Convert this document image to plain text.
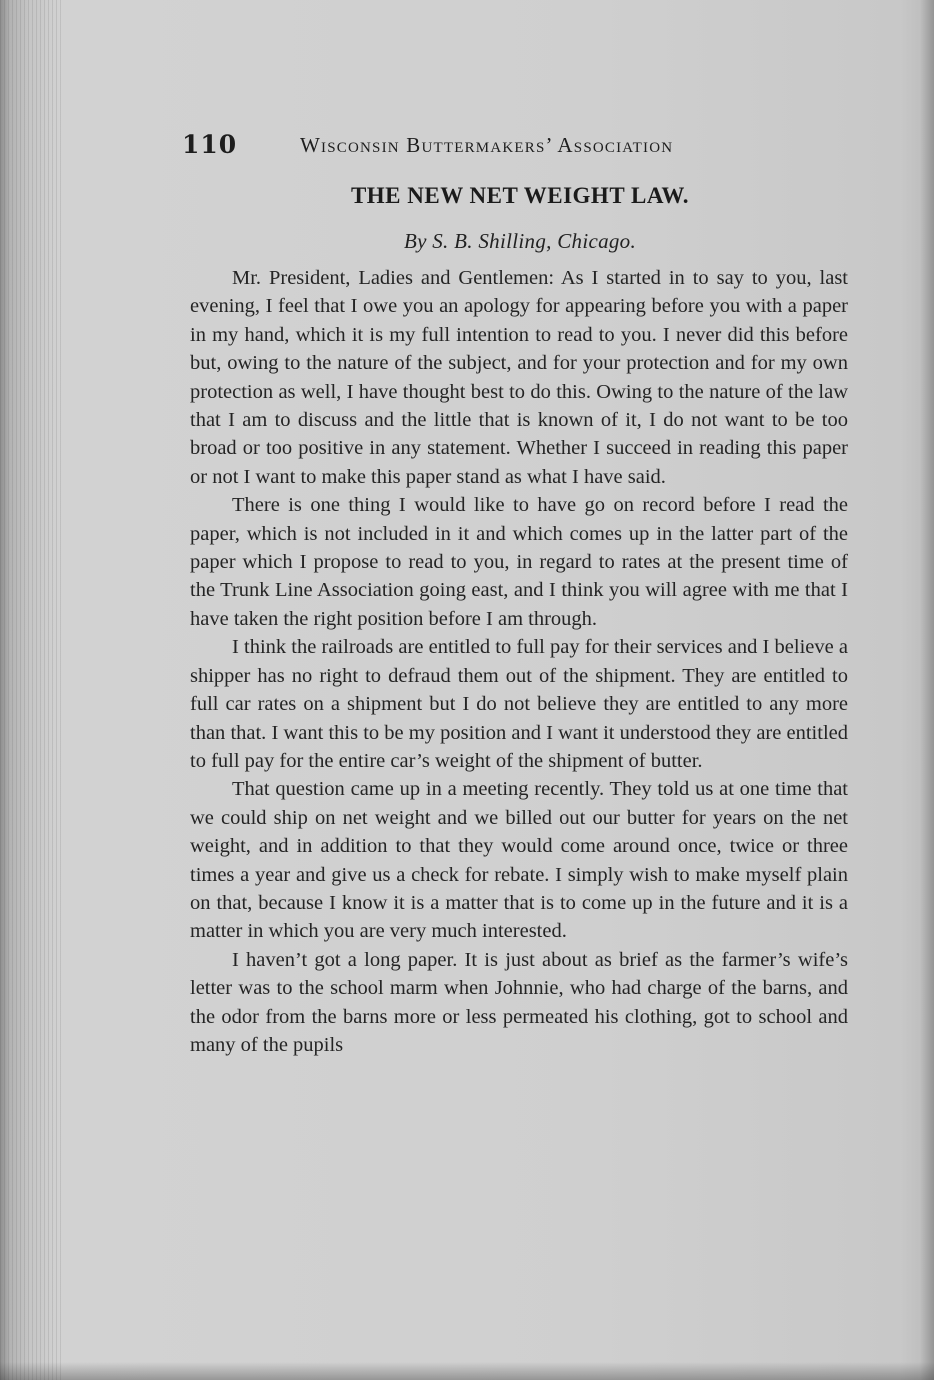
110	Wisconsin Buttermakers’ Association
THE NEW NET WEIGHT LAW.
By S. B. Shilling, Chicago.

Mr. President, Ladies and Gentlemen: As I started in to say to you, last evening, I feel that I owe you an apology for appearing before you with a paper in my hand, which it is my full intention to read to you. I never did this before but, owing to the nature of the subject, and for your protection and for my own protection as well, I have thought best to do this. Owing to the nature of the law that I am to discuss and the little that is known of it, I do not want to be too broad or too positive in any statement. Whether I succeed in reading this paper or not I want to make this paper stand as what I have said.

There is one thing I would like to have go on record before I read the paper, which is not included in it and which comes up in the latter part of the paper which I propose to read to you, in regard to rates at the present time of the Trunk Line Association going east, and I think you will agree with me that I have taken the right position before I am through.

I think the railroads are entitled to full pay for their services and I believe a shipper has no right to defraud them out of the shipment. They are entitled to full car rates on a shipment but I do not believe they are entitled to any more than that. I want this to be my position and I want it understood they are entitled to full pay for the entire car’s weight of the shipment of butter.

That question came up in a meeting recently. They told us at one time that we could ship on net weight and we billed out our butter for years on the net weight, and in addition to that they would come around once, twice or three times a year and give us a check for rebate. I simply wish to make myself plain on that, because I know it is a matter that is to come up in the future and it is a matter in which you are very much interested.

I haven’t got a long paper. It is just about as brief as the farmer’s wife’s letter was to the school marm when Johnnie, who had charge of the barns, and the odor from the barns more or less permeated his clothing, got to school and many of the pupils
